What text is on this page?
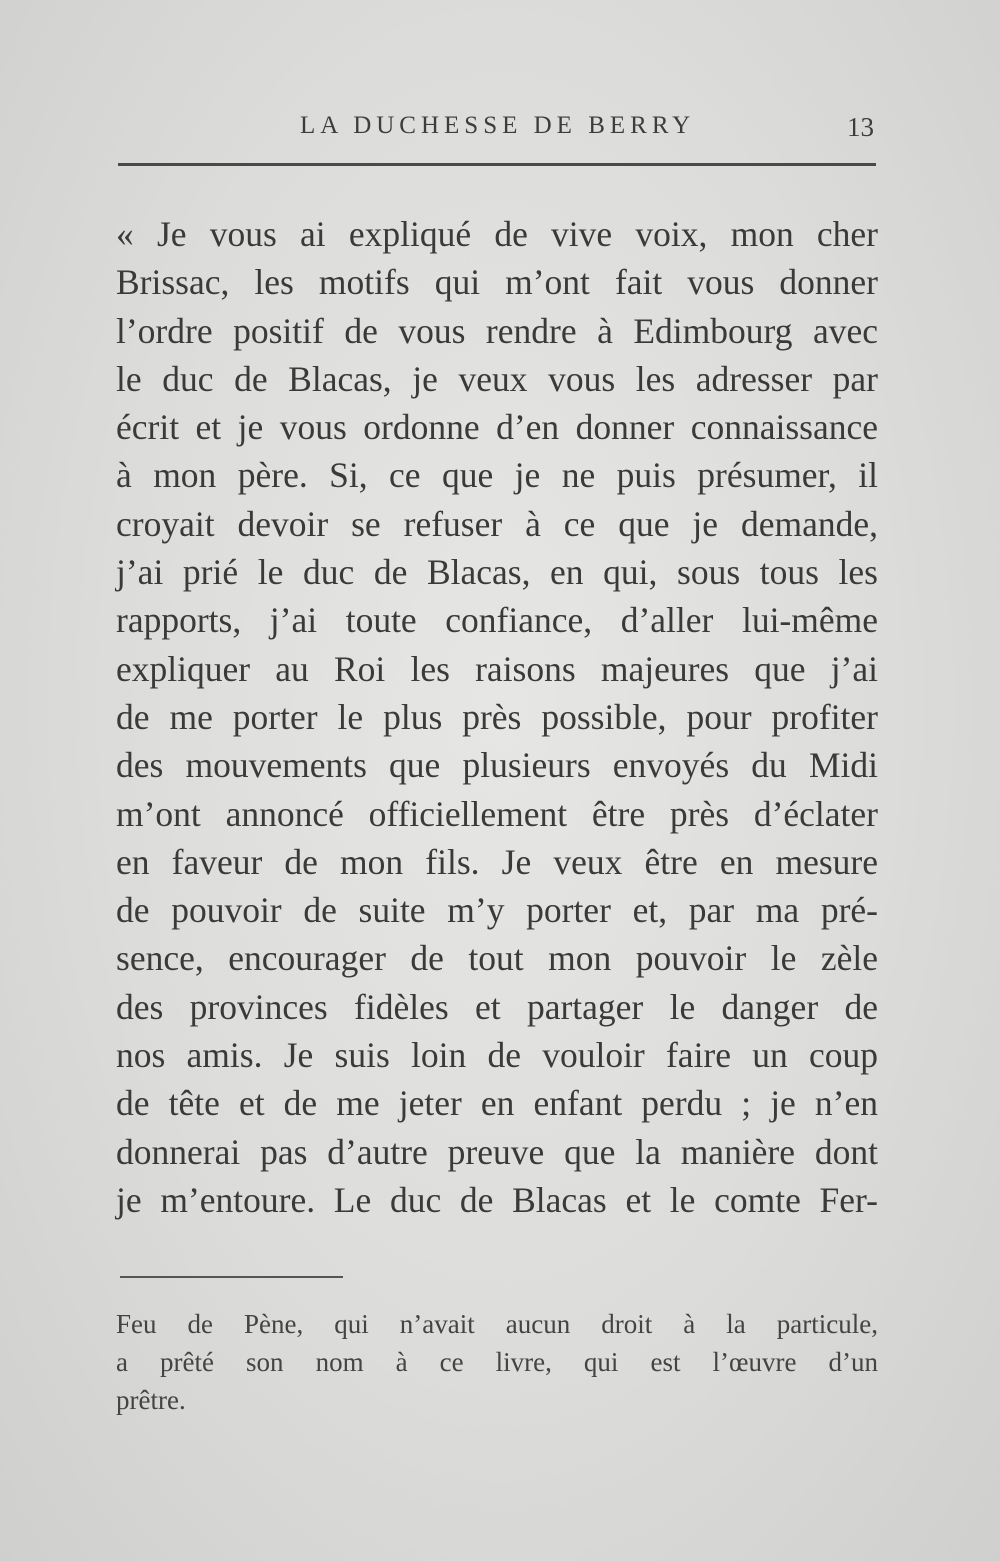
LA DUCHESSE DE BERRY	13
« Je vous ai expliqué de vive voix, mon cher
Brissac, les motifs qui m’ont fait vous donner
l’ordre positif de vous rendre à Edimbourg avec
le duc de Blacas, je veux vous les adresser par
écrit et je vous ordonne d’en donner connaissance
à mon père. Si, ce que je ne puis présumer, il
croyait devoir se refuser à ce que je demande,
j’ai prié le duc de Blacas, en qui, sous tous les
rapports, j’ai toute confiance, d’aller lui-même
expliquer au Roi les raisons majeures que j’ai
de me porter le plus près possible, pour profiter
des mouvements que plusieurs envoyés du Midi
m’ont annoncé officiellement être près d’éclater
en faveur de mon fils. Je veux être en mesure
de pouvoir de suite m’y porter et, par ma pré-
sence, encourager de tout mon pouvoir le zèle
des provinces fidèles et partager le danger de
nos amis. Je suis loin de vouloir faire un coup
de tête et de me jeter en enfant perdu ; je n’en
donnerai pas d’autre preuve que la manière dont
je m’entoure. Le duc de Blacas et le comte Fer-
Feu de Pène, qui n’avait aucun droit à la particule,
a prêté son nom à ce livre, qui est l’œuvre d’un
prêtre.
